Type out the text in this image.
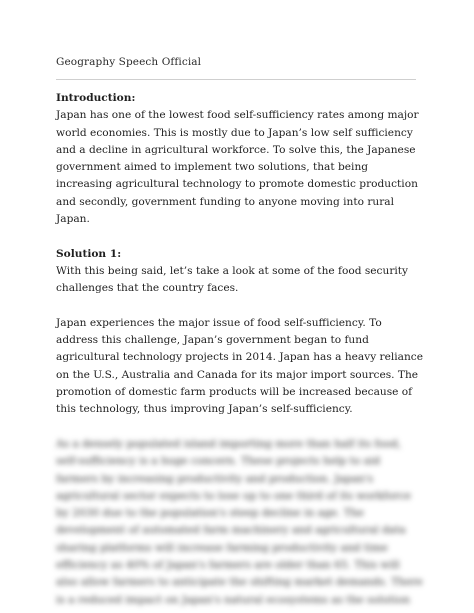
Geography Speech Official

Introduction:

Japan has one of the lowest food self-sufficiency rates among major world economies. This is mostly due to Japan’s low self sufficiency and a decline in agricultural workforce. To solve this, the Japanese government aimed to implement two solutions, that being increasing agricultural technology to promote domestic production and secondly, government funding to anyone moving into rural Japan.

Solution 1:

With this being said, let’s take a look at some of the food security challenges that the country faces.

Japan experiences the major issue of food self-sufficiency. To address this challenge, Japan’s government began to fund agricultural technology projects in 2014. Japan has a heavy reliance on the U.S., Australia and Canada for its major import sources. The promotion of domestic farm products will be increased because of this technology, thus improving Japan’s self-sufficiency.

As a densely populated island importing more than half its food, self-sufficiency is a huge concern. These projects help to aid farmers by increasing productivity and production. Japan's agricultural sector expects to lose up to one third of its workforce by 2030 due to the population's steep decline in age. The development of automated farm machinery and agricultural data sharing platforms will increase farming productivity and time efficiency as 40% of Japan's farmers are older than 65. This will also allow farmers to anticipate the shifting market demands. There is a reduced impact on Japan's natural ecosystems as the solution
